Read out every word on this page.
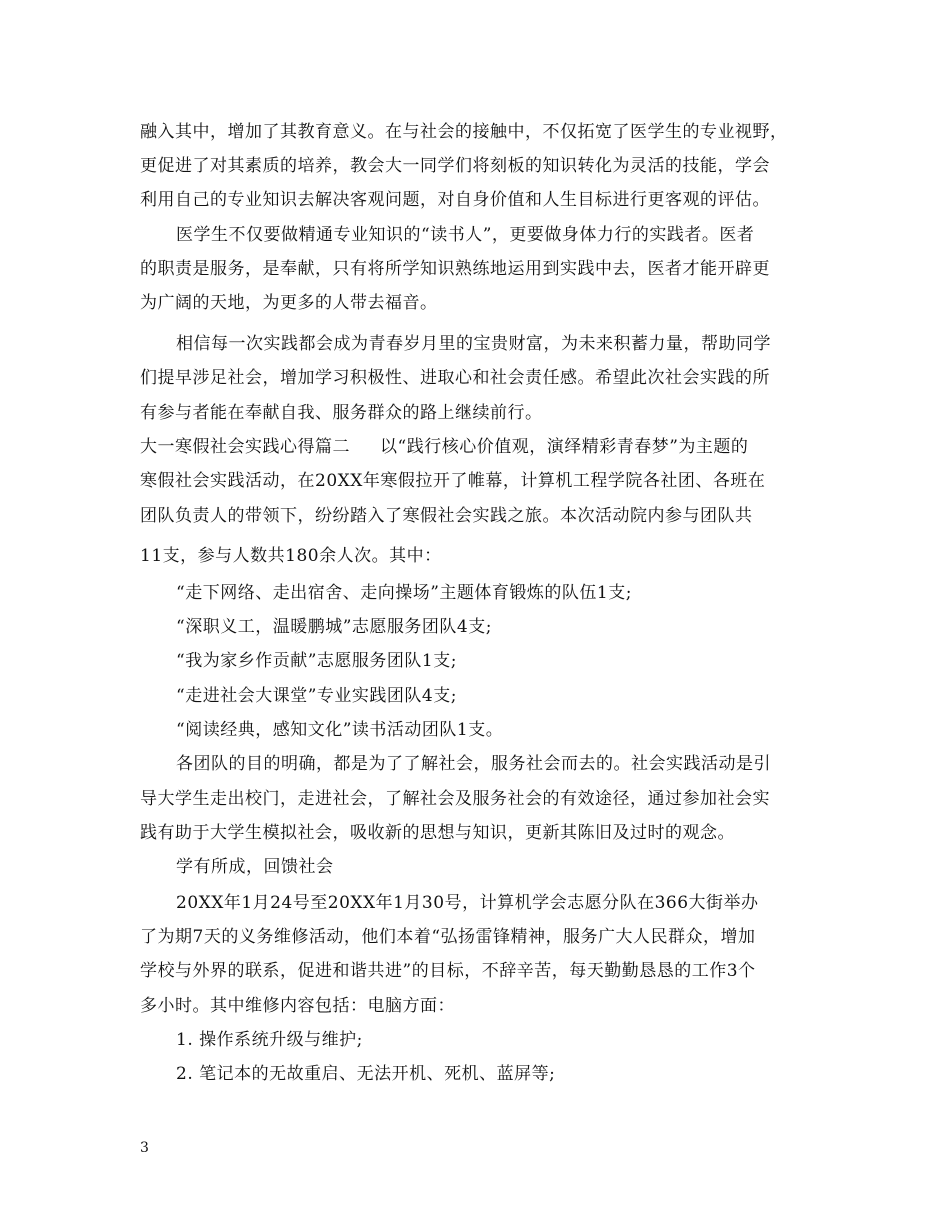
融入其中，增加了其教育意义。在与社会的接触中，不仅拓宽了医学生的专业视野，
更促进了对其素质的培养，教会大一同学们将刻板的知识转化为灵活的技能，学会
利用自己的专业知识去解决客观问题，对自身价值和人生目标进行更客观的评估。
医学生不仅要做精通专业知识的“读书人”，更要做身体力行的实践者。医者
的职责是服务，是奉献，只有将所学知识熟练地运用到实践中去，医者才能开辟更
为广阔的天地，为更多的人带去福音。
相信每一次实践都会成为青春岁月里的宝贵财富，为未来积蓄力量，帮助同学
们提早涉足社会，增加学习积极性、进取心和社会责任感。希望此次社会实践的所
有参与者能在奉献自我、服务群众的路上继续前行。
大一寒假社会实践心得篇二 以“践行核心价值观，演绎精彩青春梦”为主题的
寒假社会实践活动，在20XX年寒假拉开了帷幕，计算机工程学院各社团、各班在
团队负责人的带领下，纷纷踏入了寒假社会实践之旅。本次活动院内参与团队共
11支，参与人数共180余人次。其中：
“走下网络、走出宿舍、走向操场”主题体育锻炼的队伍1支;
“深职义工，温暖鹏城”志愿服务团队4支;
“我为家乡作贡献”志愿服务团队1支;
“走进社会大课堂”专业实践团队4支;
“阅读经典，感知文化”读书活动团队1支。
各团队的目的明确，都是为了了解社会，服务社会而去的。社会实践活动是引
导大学生走出校门，走进社会，了解社会及服务社会的有效途径，通过参加社会实
践有助于大学生模拟社会，吸收新的思想与知识，更新其陈旧及过时的观念。
学有所成，回馈社会
20XX年1月24号至20XX年1月30号，计算机学会志愿分队在366大街举办
了为期7天的义务维修活动，他们本着“弘扬雷锋精神，服务广大人民群众，增加
学校与外界的联系，促进和谐共进”的目标，不辞辛苦，每天勤勤恳恳的工作3个
多小时。其中维修内容包括：电脑方面：
1. 操作系统升级与维护;
2. 笔记本的无故重启、无法开机、死机、蓝屏等;
3
